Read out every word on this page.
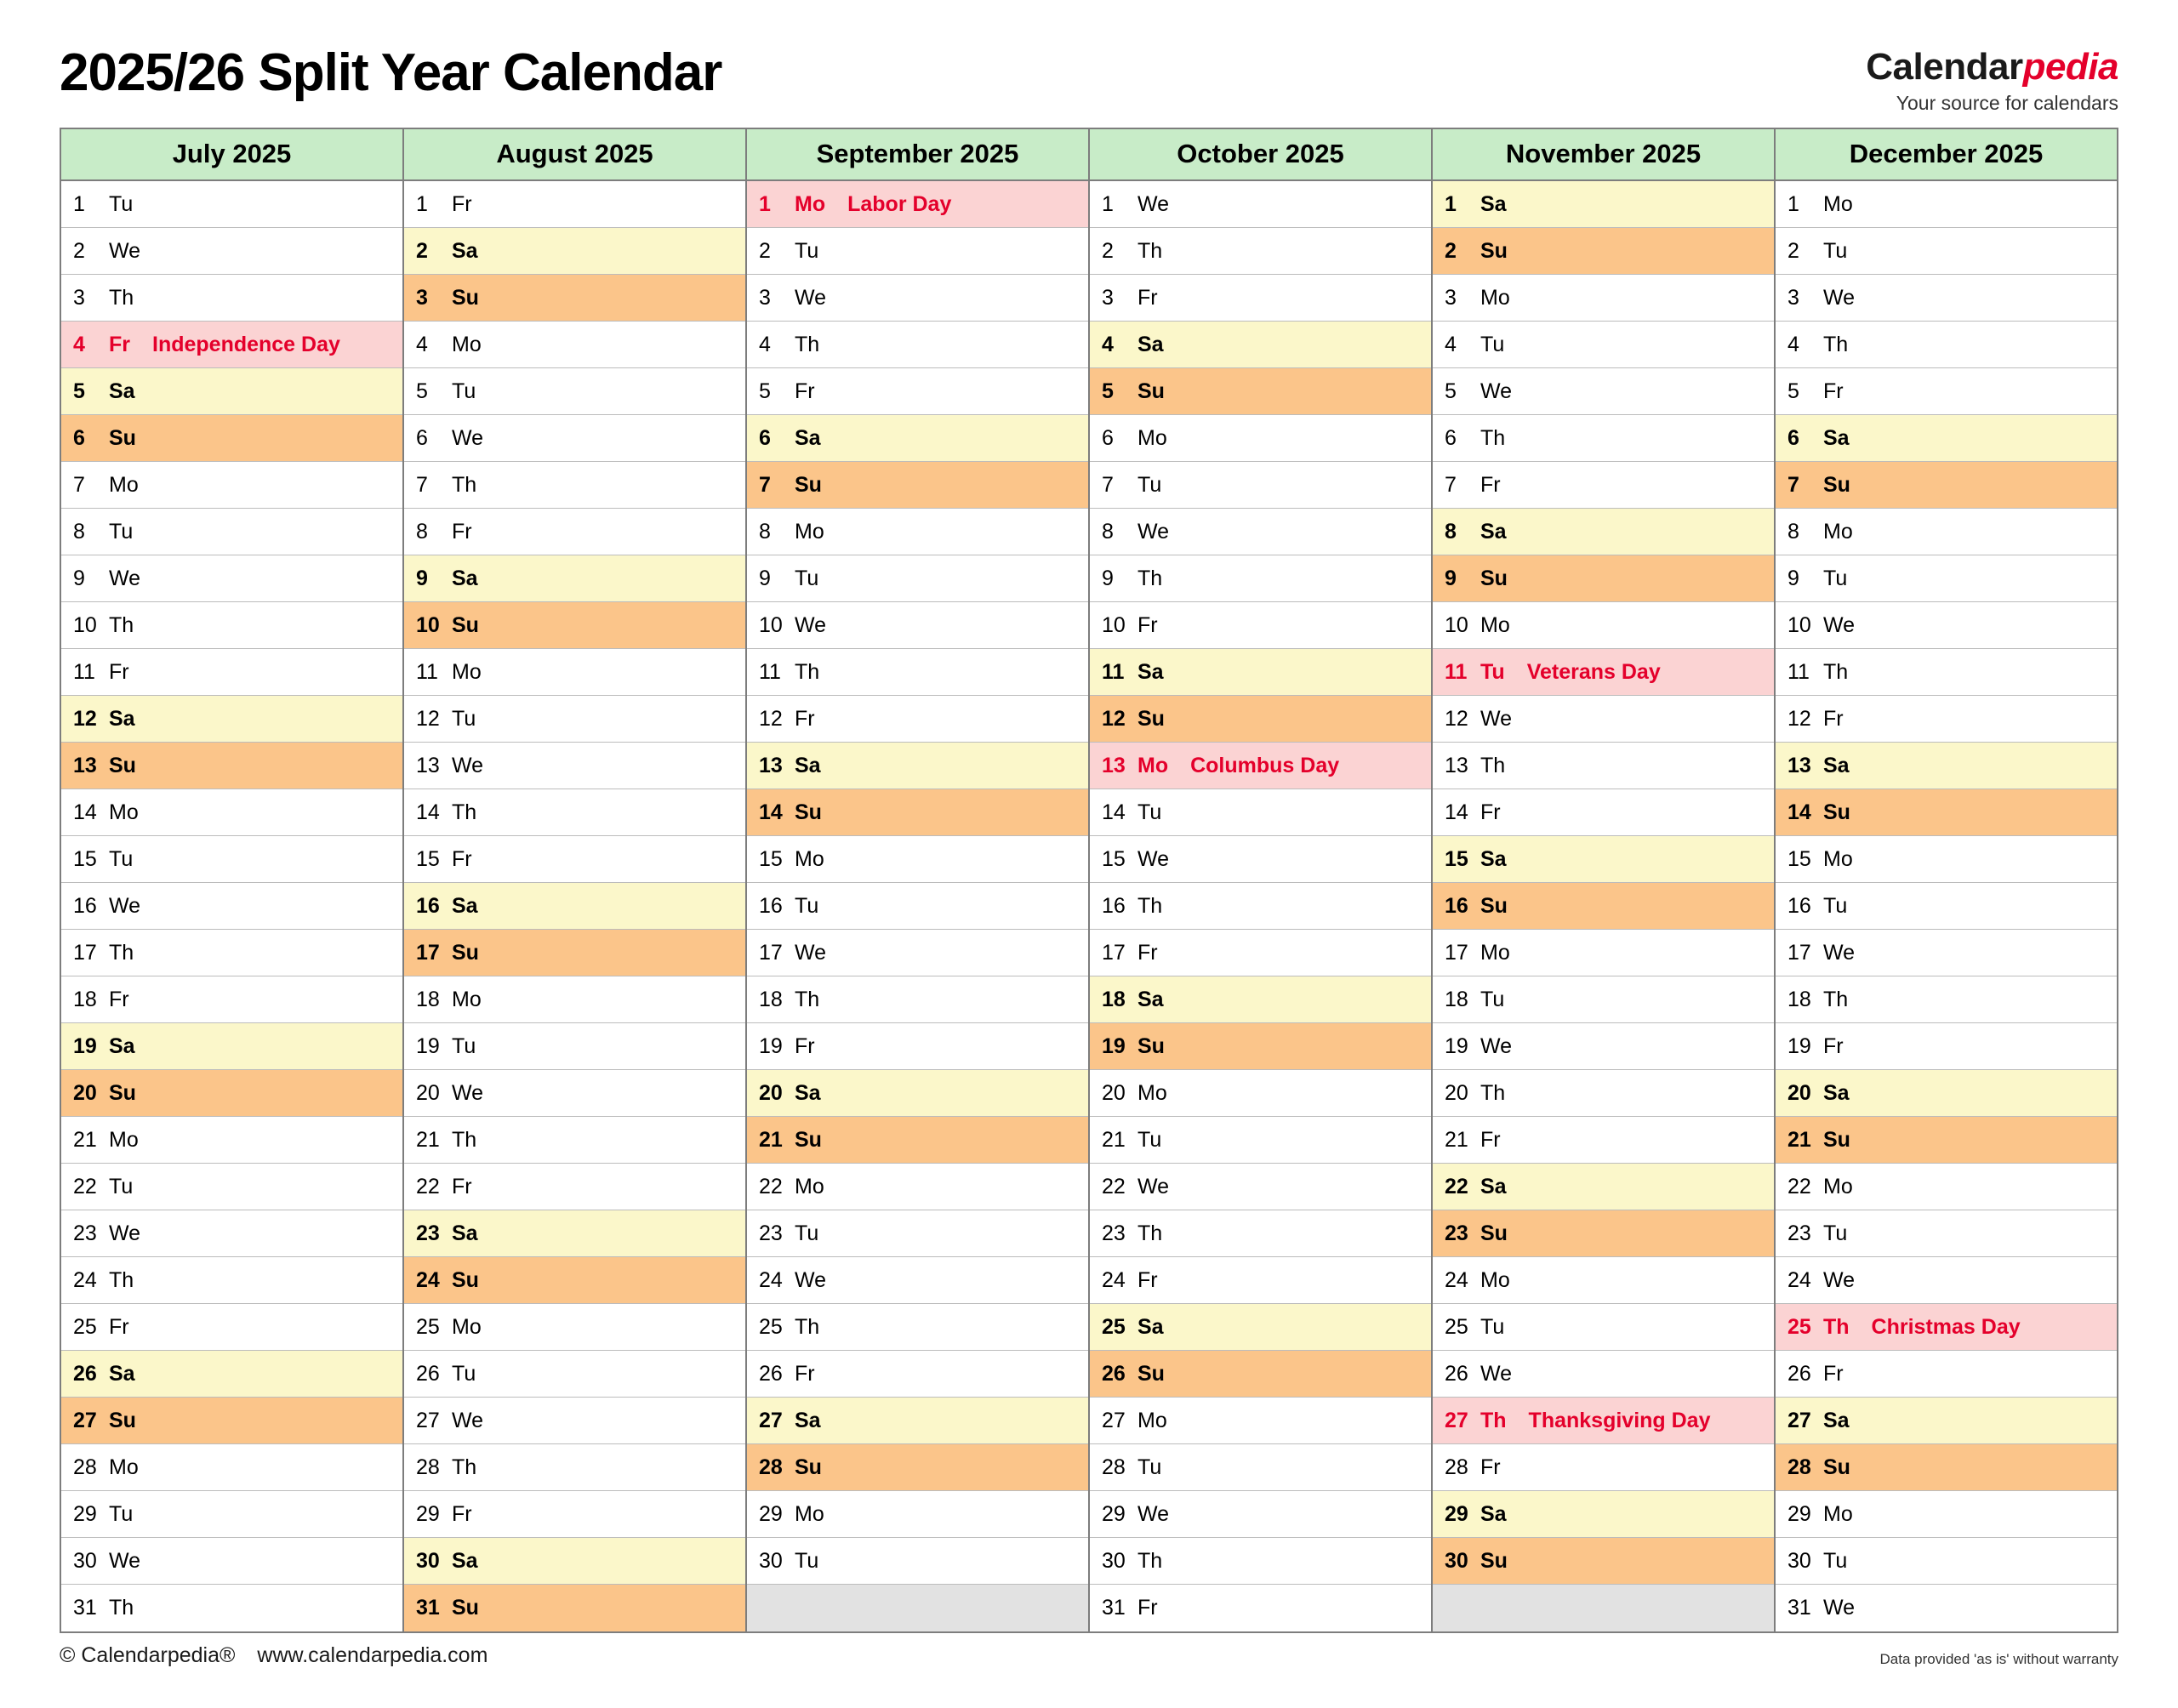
2025/26 Split Year Calendar	Calendarpedia
Your source for calendars
July 2025
1	Tu
2	We
3	Th
4	Fr Independence Day
5	Sa
6	Su
7	Mo
8	Tu
9	We
10 Th
11 Fr
12 Sa
13 Su
14 Mo
15 Tu
16 We
17 Th
18 Fr
19 Sa
20 Su
21 Mo
22 Tu
23 We
24 Th
25 Fr
26 Sa
27 Su
28 Mo
29 Tu
30 We
31 Th
August 2025
1	Fr
2	Sa
3	Su
4	Mo
5	Tu
6	We
7	Th
8	Fr
9	Sa
10 Su
11 Mo
12 Tu
13 We
14 Th
15 Fr
16 Sa
17 Su
18 Mo
19 Tu
20 We
21 Th
22 Fr
23 Sa
24 Su
25 Mo
26 Tu
27 We
28 Th
29 Fr
30 Sa
31 Su
September 2025
1	Mo Labor Day
2	Tu
3	We
4	Th
5	Fr
6	Sa
7	Su
8	Mo
9	Tu
10 We
11 Th
12 Fr
13 Sa
14 Su
15 Mo
16 Tu
17 We
18 Th
19 Fr
20 Sa
21 Su
22 Mo
23 Tu
24 We
25 Th
26 Fr
27 Sa
28 Su
29 Mo
30 Tu
October 2025
1	We
2	Th
3	Fr
4	Sa
5	Su
6	Mo
7	Tu
8	We
9	Th
10 Fr
11 Sa
12 Su
13 Mo Columbus Day
14 Tu
15 We
16 Th
17 Fr
18 Sa
19 Su
20 Mo
21 Tu
22 We
23 Th
24 Fr
25 Sa
26 Su
27 Mo
28 Tu
29 We
30 Th
31 Fr
November 2025
1	Sa
2	Su
3	Mo
4	Tu
5	We
6	Th
7	Fr
8	Sa
9	Su
10 Mo
11 Tu Veterans Day
12 We
13 Th
14 Fr
15 Sa
16 Su
17 Mo
18 Tu
19 We
20 Th
21 Fr
22 Sa
23 Su
24 Mo
25 Tu
26 We
27 Th Thanksgiving Day
28 Fr
29 Sa
30 Su
December 2025
1	Mo
2	Tu
3	We
4	Th
5	Fr
6	Sa
7	Su
8	Mo
9	Tu
10 We
11 Th
12 Fr
13 Sa
14 Su
15 Mo
16 Tu
17 We
18 Th
19 Fr
20 Sa
21 Su
22 Mo
23 Tu
24 We
25 Th Christmas Day
26 Fr
27 Sa
28 Su
29 Mo
30 Tu
31 We
© Calendarpedia® www.calendarpedia.com	Data provided 'as is' without warranty
